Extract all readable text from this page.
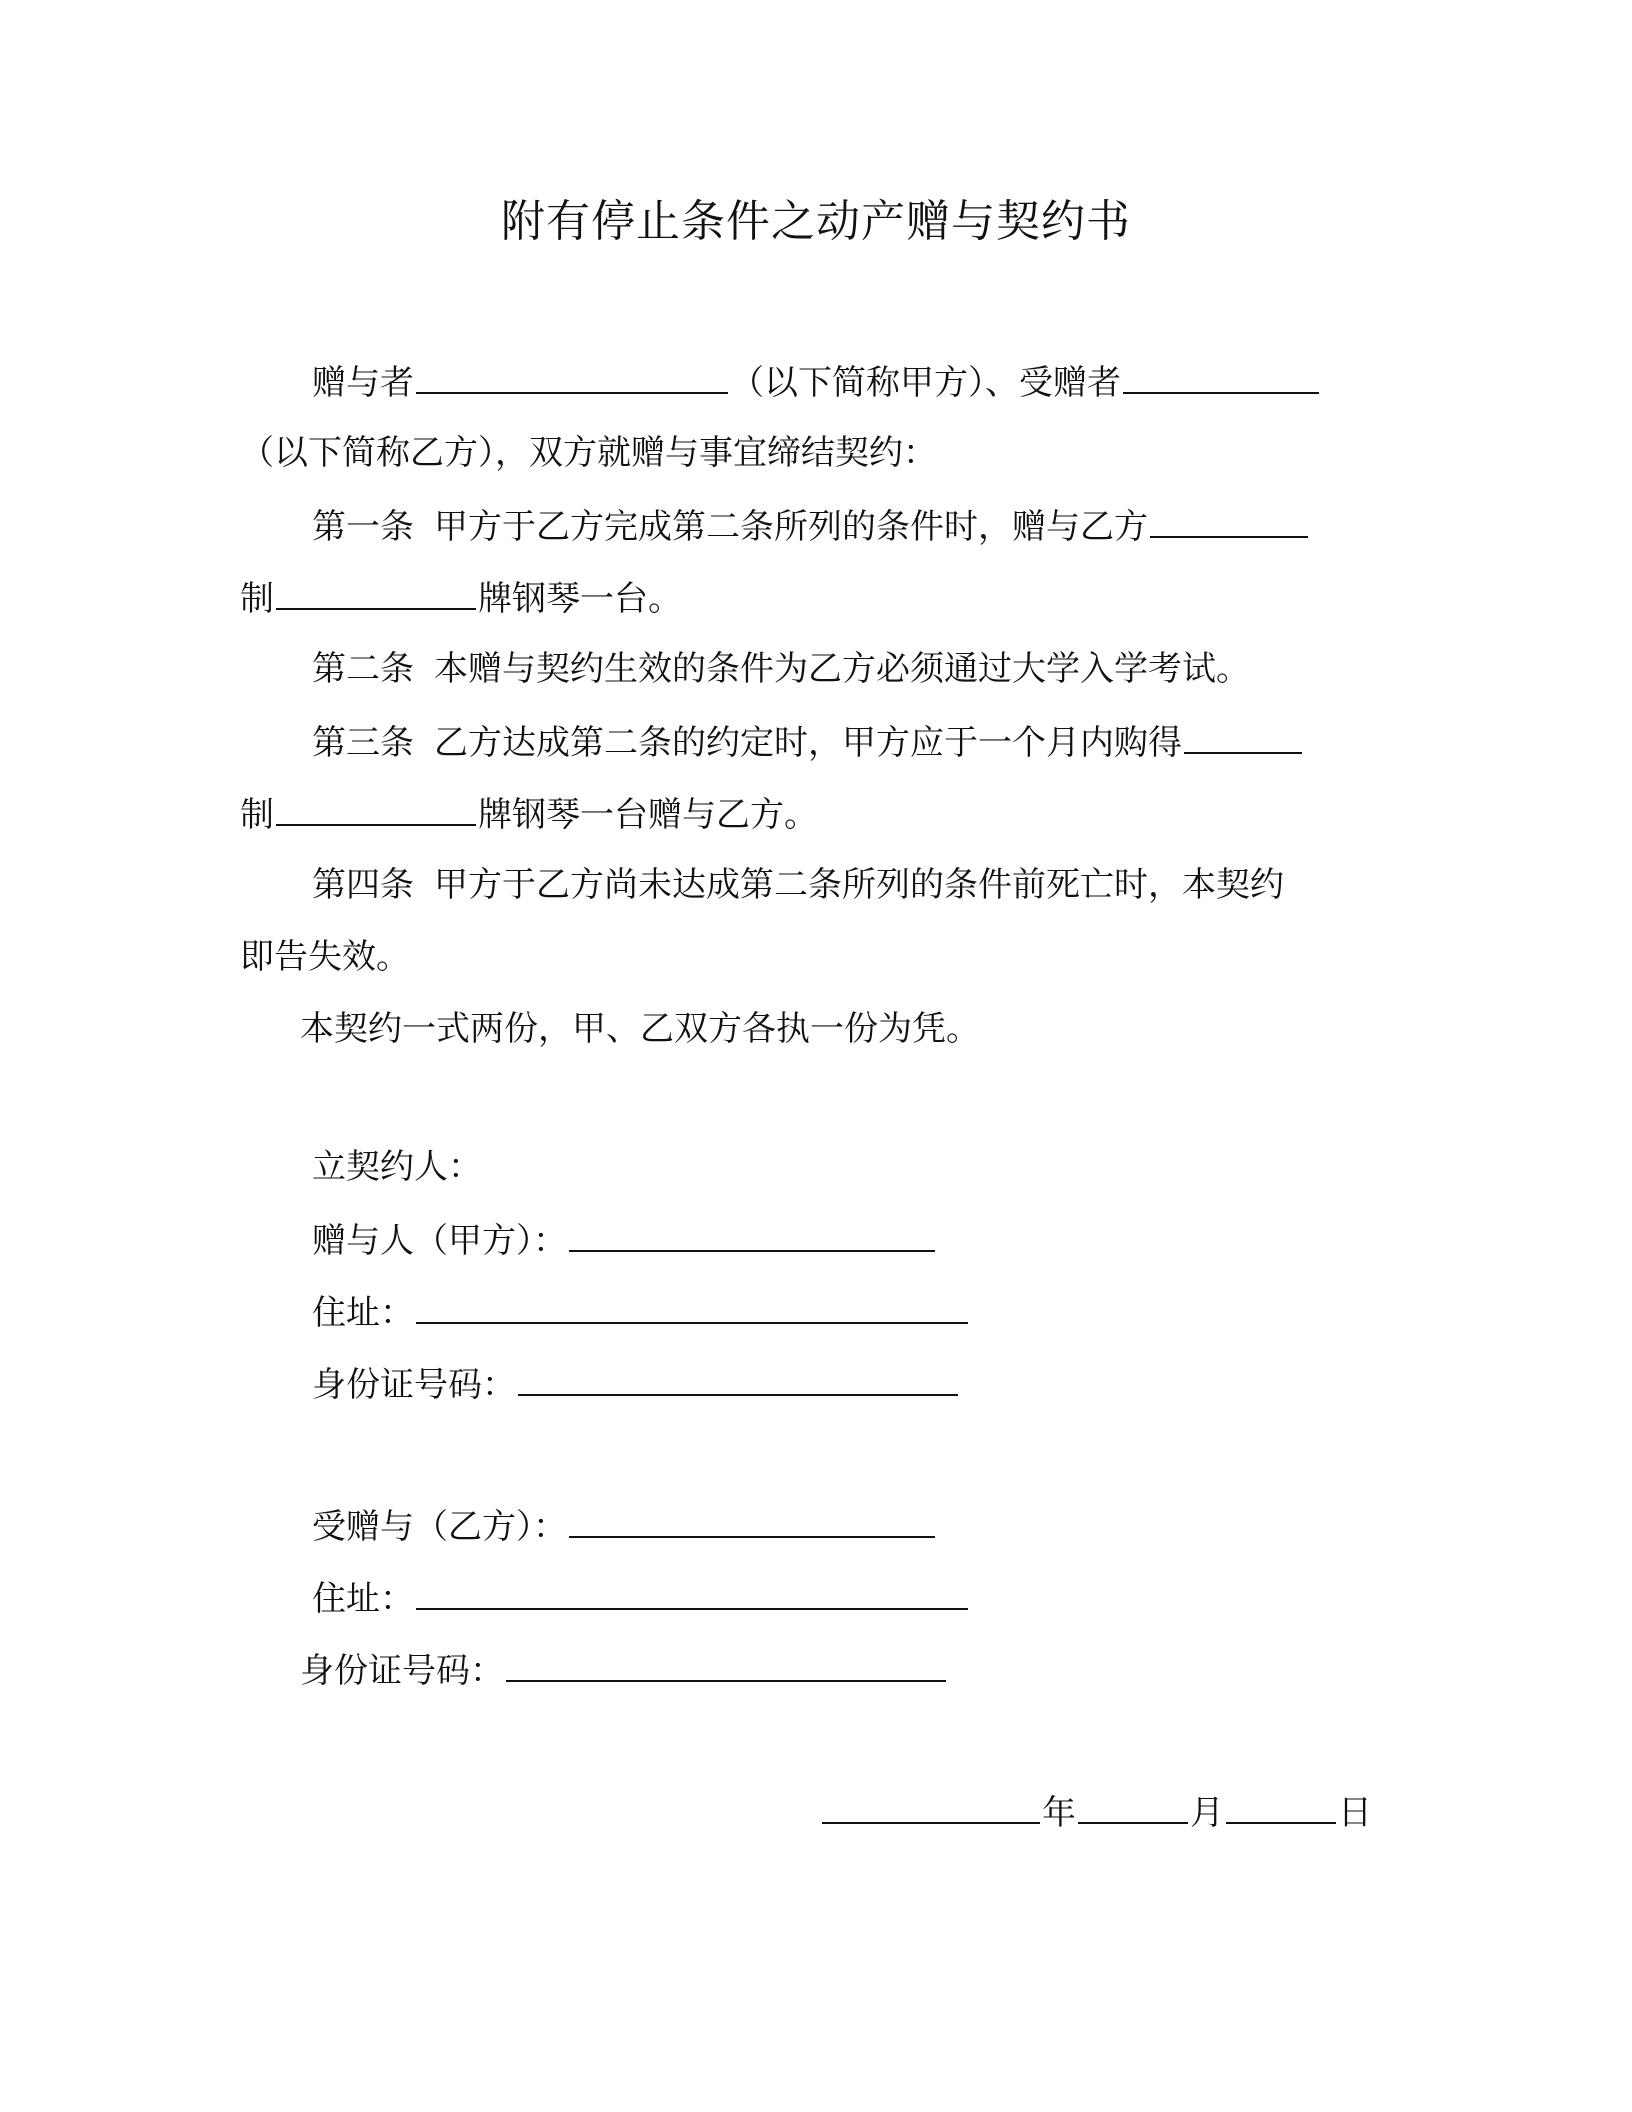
附有停止条件之动产赠与契约书
赠与者	（以下简称甲方）、受赠者
（以下简称乙方），双方就赠与事宜缔结契约：
第一条 甲方于乙方完成第二条所列的条件时，赠与乙方
制	牌钢琴一台。
第二条 本赠与契约生效的条件为乙方必须通过大学入学考试。
第三条 乙方达成第二条的约定时，甲方应于一个月内购得
制	牌钢琴一台赠与乙方。
第四条 甲方于乙方尚未达成第二条所列的条件前死亡时，本契约
即告失效。
本契约一式两份，甲、乙双方各执一份为凭。
立契约人：
赠与人（甲方）：
住址：
身份证号码：
受赠与（乙方）：
住址：
身份证号码：
年	月	日
